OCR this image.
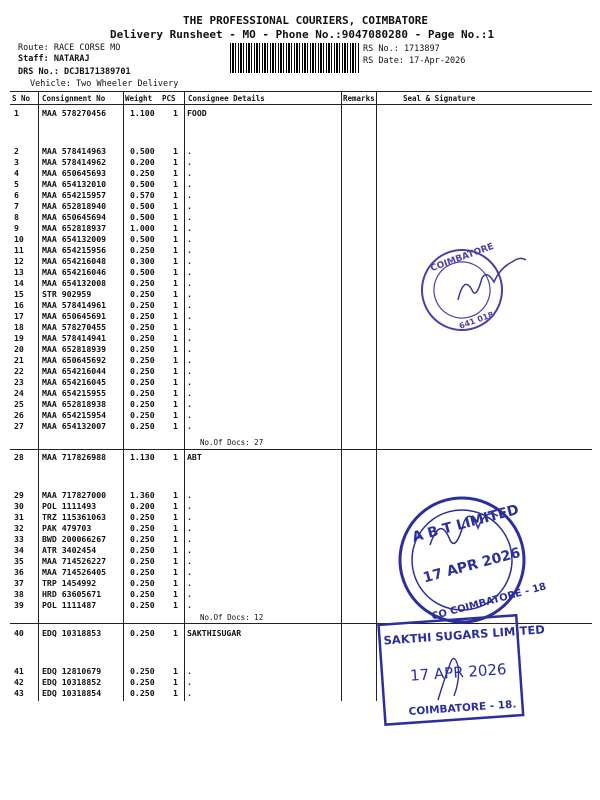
THE PROFESSIONAL COURIERS, COIMBATORE
Delivery Runsheet - MO - Phone No.:9047080280 - Page No.:1
Route: RACE CORSE MO
Staff: NATARAJ
DRS No.: DCJB171389701
Vehicle: Two Wheeler Delivery
RS No.: 1713897
RS Date: 17-Apr-2026
S No Consignment No	Weight PCS Consignee Details	Remarks	Seal & Signature
1	MAA 578270456	1.100 1 FOOD
2	MAA 578414963	0.500 1 .
3	MAA 578414962	0.200 1 .
4	MAA 650645693	0.250 1 .
5	MAA 654132010	0.500 1 .
6	MAA 654215957	0.570 1 .
7	MAA 652818940	0.500 1 .
8	MAA 650645694	0.500 1 .
9	MAA 652818937	1.000 1 .
10 MAA 654132009	0.500 1 .
11 MAA 654215956	0.250 1 .
12 MAA 654216048	0.300 1 .
13 MAA 654216046	0.500 1 .
14 MAA 654132008	0.250 1 .
15 STR 902959	0.250 1 .
16 MAA 578414961	0.250 1 .
17 MAA 650645691	0.250 1 .
18 MAA 578270455	0.250 1 .
19 MAA 578414941	0.250 1 .
20 MAA 652818939	0.250 1 .
21 MAA 650645692	0.250 1 .
22 MAA 654216044	0.250 1 .
23 MAA 654216045	0.250 1 .
24 MAA 654215955	0.250 1 .
25 MAA 652818938	0.250 1 .
26 MAA 654215954	0.250 1 .
27 MAA 654132007	0.250 1 .
No.Of Docs: 27
28 MAA 717826988	1.130 1 ABT
29 MAA 717827000	1.360 1 .
30 POL 1111493	0.200 1 .
31 TRZ 115361063	0.250 1 .
32 PAK 479703	0.250 1 .
33 BWD 200066267	0.250 1 .
34 ATR 3402454	0.250 1 .
35 MAA 714526227	0.250 1 .
36 MAA 714526405	0.250 1 .
37 TRP 1454992	0.250 1 .
38 HRD 63605671	0.250 1 .
39 POL 1111487	0.250 1 .
No.Of Docs: 12
40 EDQ 10318853	0.250 1 SAKTHISUGAR
41 EDQ 12810679	0.250 1 .
42 EDQ 10318852	0.250 1 .
43 EDQ 10318854	0.250 1 .
COIMBATORE
641 018
A B T LIMITED
17 APR 2026
CO COIMBATORE - 18
SAKTHI SUGARS LIMITED
17 APR 2026
COIMBATORE - 18.
